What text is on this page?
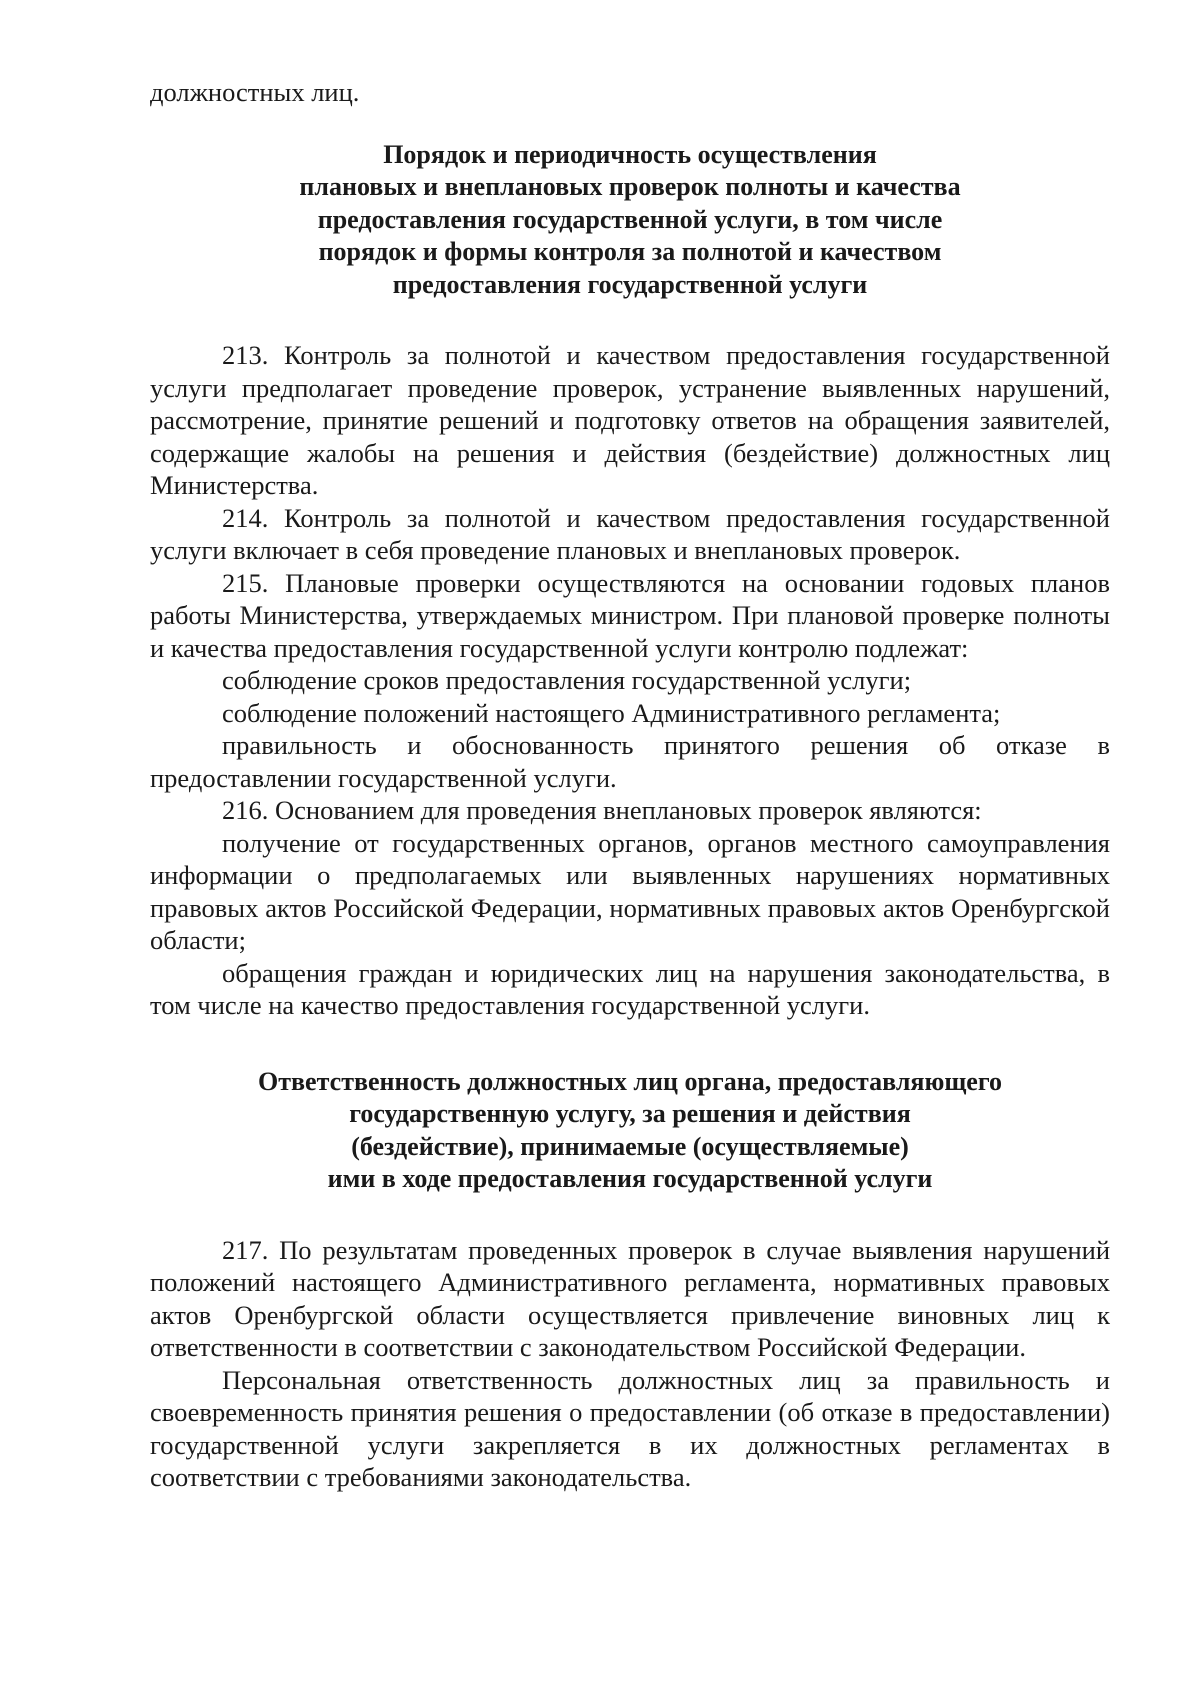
должностных лиц.

Порядок и периодичность осуществления
плановых и внеплановых проверок полноты и качества
предоставления государственной услуги, в том числе
порядок и формы контроля за полнотой и качеством
предоставления государственной услуги

213. Контроль за полнотой и качеством предоставления государственной услуги предполагает проведение проверок, устранение выявленных нарушений, рассмотрение, принятие решений и подготовку ответов на обращения заявителей, содержащие жалобы на решения и действия (бездействие) должностных лиц Министерства.

214. Контроль за полнотой и качеством предоставления государственной услуги включает в себя проведение плановых и внеплановых проверок.

215. Плановые проверки осуществляются на основании годовых планов работы Министерства, утверждаемых министром. При плановой проверке полноты и качества предоставления государственной услуги контролю подлежат:

соблюдение сроков предоставления государственной услуги;

соблюдение положений настоящего Административного регламента;

правильность и обоснованность принятого решения об отказе в предоставлении государственной услуги.

216. Основанием для проведения внеплановых проверок являются:

получение от государственных органов, органов местного самоуправления информации о предполагаемых или выявленных нарушениях нормативных правовых актов Российской Федерации, нормативных правовых актов Оренбургской области;

обращения граждан и юридических лиц на нарушения законодательства, в том числе на качество предоставления государственной услуги.

Ответственность должностных лиц органа, предоставляющего
государственную услугу, за решения и действия
(бездействие), принимаемые (осуществляемые)
ими в ходе предоставления государственной услуги

217. По результатам проведенных проверок в случае выявления нарушений положений настоящего Административного регламента, нормативных правовых актов Оренбургской области осуществляется привлечение виновных лиц к ответственности в соответствии с законодательством Российской Федерации.

Персональная ответственность должностных лиц за правильность и своевременность принятия решения о предоставлении (об отказе в предоставлении) государственной услуги закрепляется в их должностных регламентах в соответствии с требованиями законодательства.
